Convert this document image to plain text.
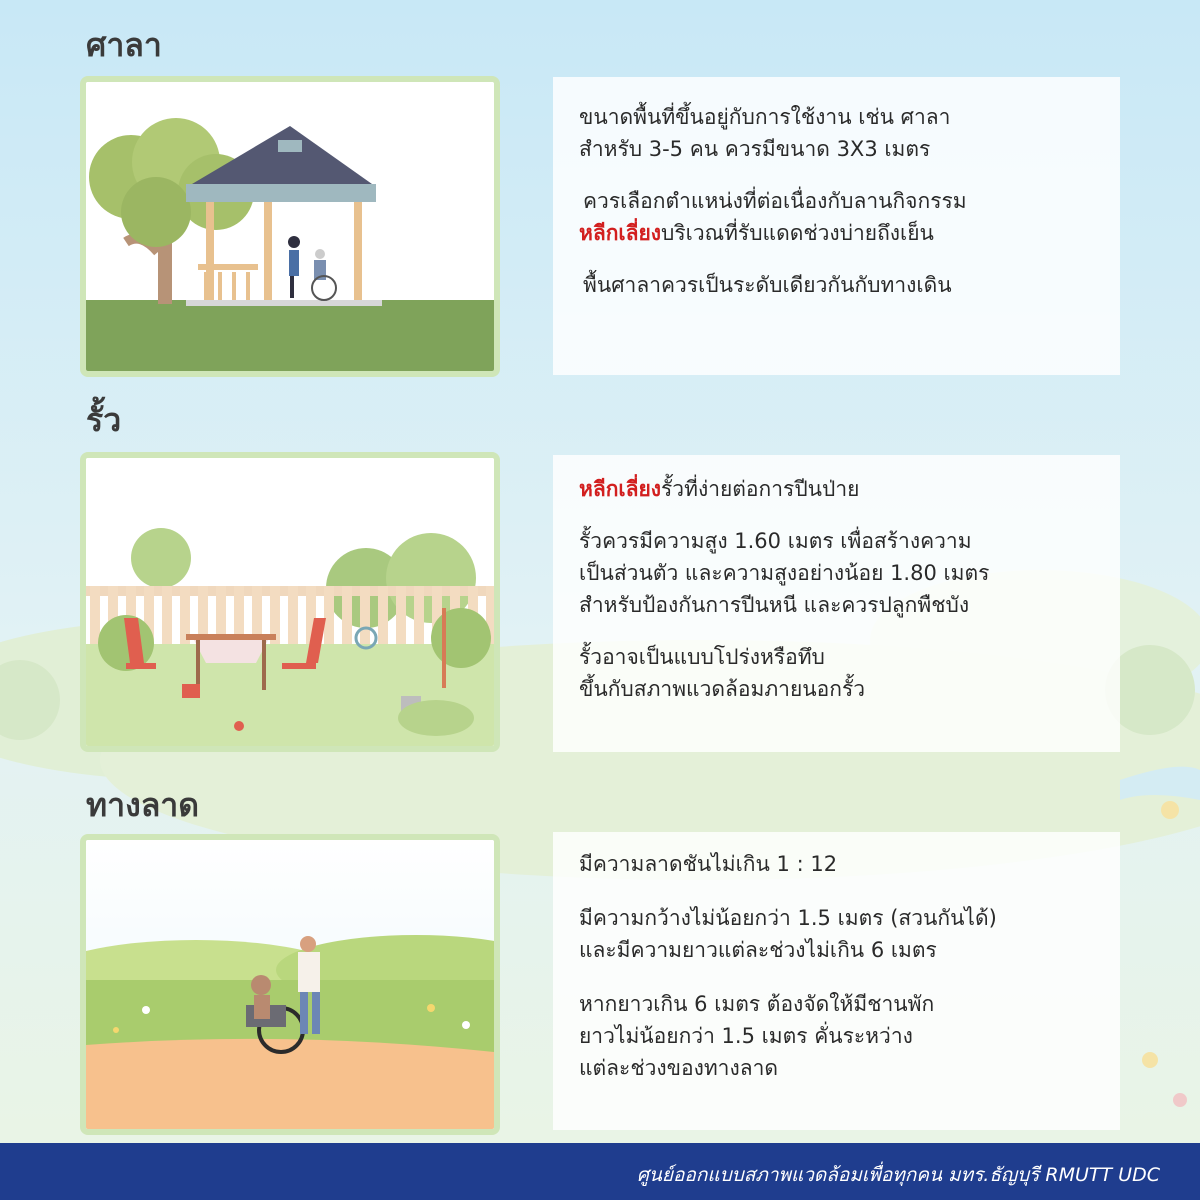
ศาลา
ขนาดพื้นที่ขึ้นอยู่กับการใช้งาน เช่น ศาลา
สำหรับ 3-5 คน ควรมีขนาด 3X3 เมตร
ควรเลือกตำแหน่งที่ต่อเนื่องกับลานกิจกรรม
หลีกเลี่ยงบริเวณที่รับแดดช่วงบ่ายถึงเย็น
พื้นศาลาควรเป็นระดับเดียวกันกับทางเดิน
รั้ว
หลีกเลี่ยงรั้วที่ง่ายต่อการปีนป่าย
รั้วควรมีความสูง 1.60 เมตร เพื่อสร้างความ
เป็นส่วนตัว และความสูงอย่างน้อย 1.80 เมตร
สำหรับป้องกันการปีนหนี และควรปลูกพืชบัง
รั้วอาจเป็นแบบโปร่งหรือทึบ
ขึ้นกับสภาพแวดล้อมภายนอกรั้ว
ทางลาด
มีความลาดชันไม่เกิน 1 : 12
มีความกว้างไม่น้อยกว่า 1.5 เมตร (สวนกันได้)
และมีความยาวแต่ละช่วงไม่เกิน 6 เมตร
หากยาวเกิน 6 เมตร ต้องจัดให้มีชานพัก
ยาวไม่น้อยกว่า 1.5 เมตร คั่นระหว่าง
แต่ละช่วงของทางลาด
ศูนย์ออกแบบสภาพแวดล้อมเพื่อทุกคน มทร.ธัญบุรี RMUTT UDC
